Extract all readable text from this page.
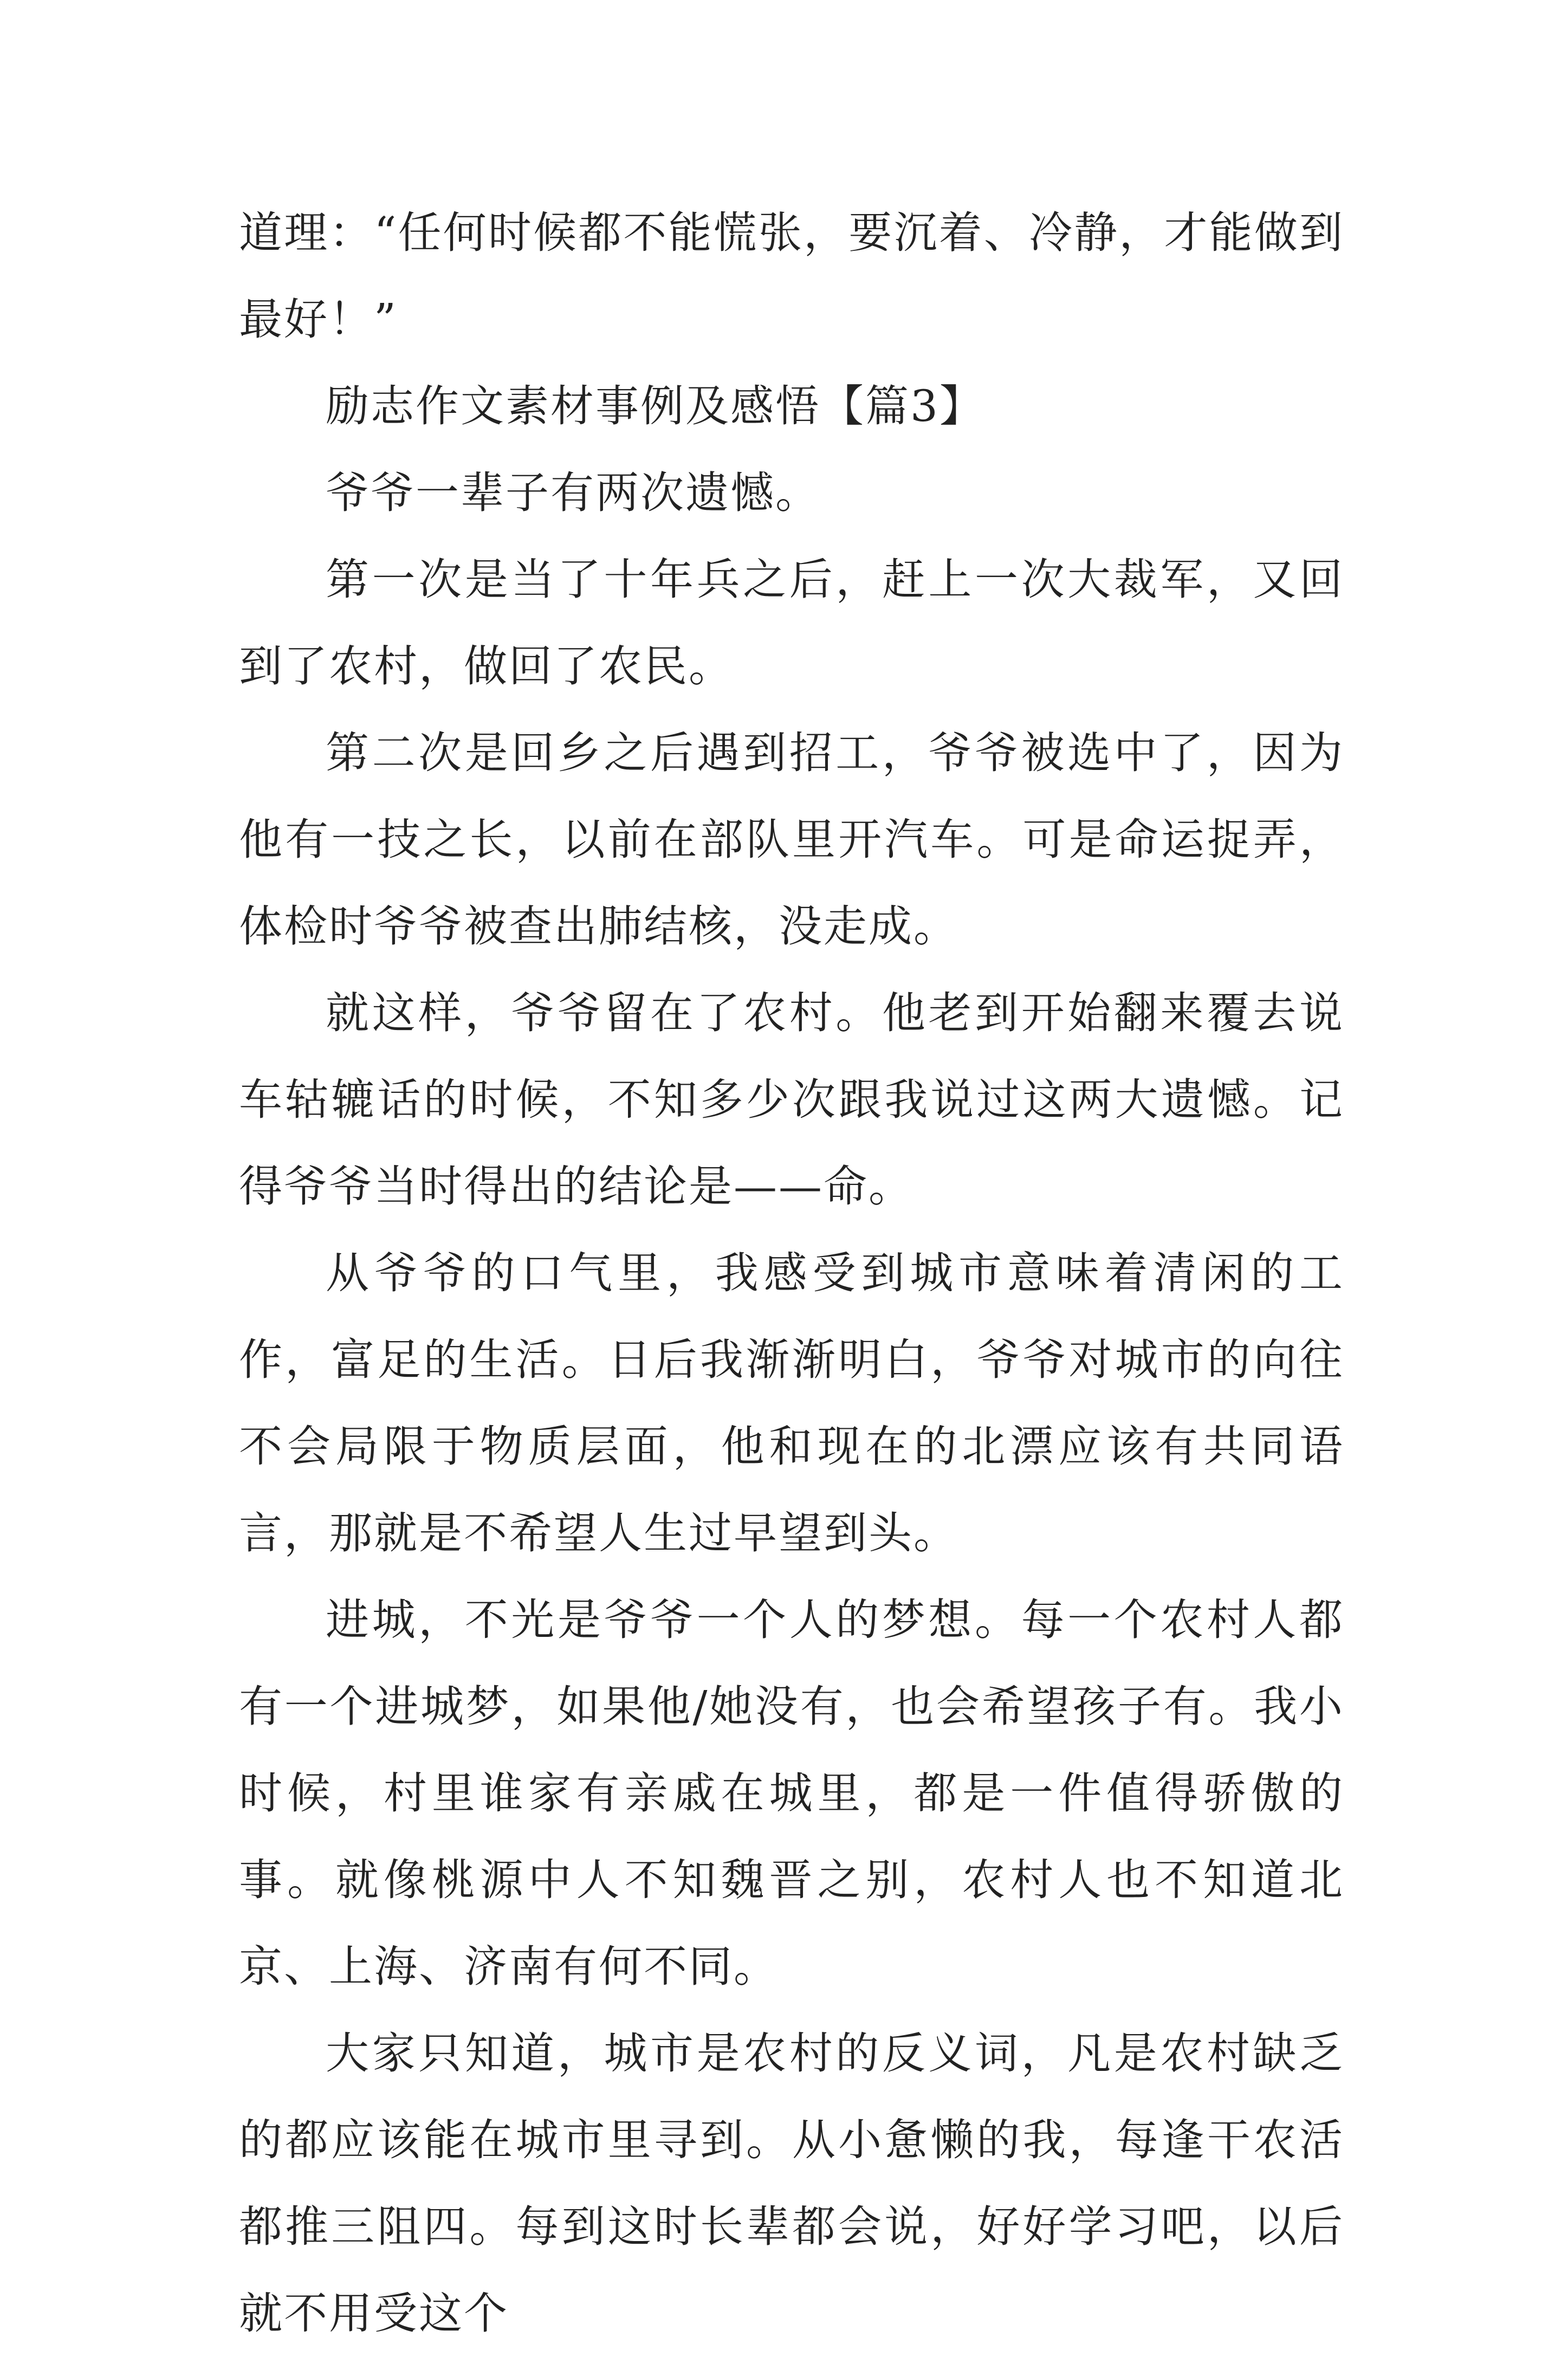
道理：“任何时候都不能慌张，要沉着、冷静，才能做到最好！”

励志作文素材事例及感悟【篇3】

爷爷一辈子有两次遗憾。

第一次是当了十年兵之后，赶上一次大裁军，又回到了农村，做回了农民。

第二次是回乡之后遇到招工，爷爷被选中了，因为他有一技之长，以前在部队里开汽车。可是命运捉弄，体检时爷爷被查出肺结核，没走成。

就这样，爷爷留在了农村。他老到开始翻来覆去说车轱辘话的时候，不知多少次跟我说过这两大遗憾。记得爷爷当时得出的结论是——命。

从爷爷的口气里，我感受到城市意味着清闲的工作，富足的生活。日后我渐渐明白，爷爷对城市的向往不会局限于物质层面，他和现在的北漂应该有共同语言，那就是不希望人生过早望到头。

进城，不光是爷爷一个人的梦想。每一个农村人都有一个进城梦，如果他/她没有，也会希望孩子有。我小时候，村里谁家有亲戚在城里，都是一件值得骄傲的事。就像桃源中人不知魏晋之别，农村人也不知道北京、上海、济南有何不同。

大家只知道，城市是农村的反义词，凡是农村缺乏的都应该能在城市里寻到。从小惫懒的我，每逢干农活都推三阻四。每到这时长辈都会说，好好学习吧，以后就不用受这个
